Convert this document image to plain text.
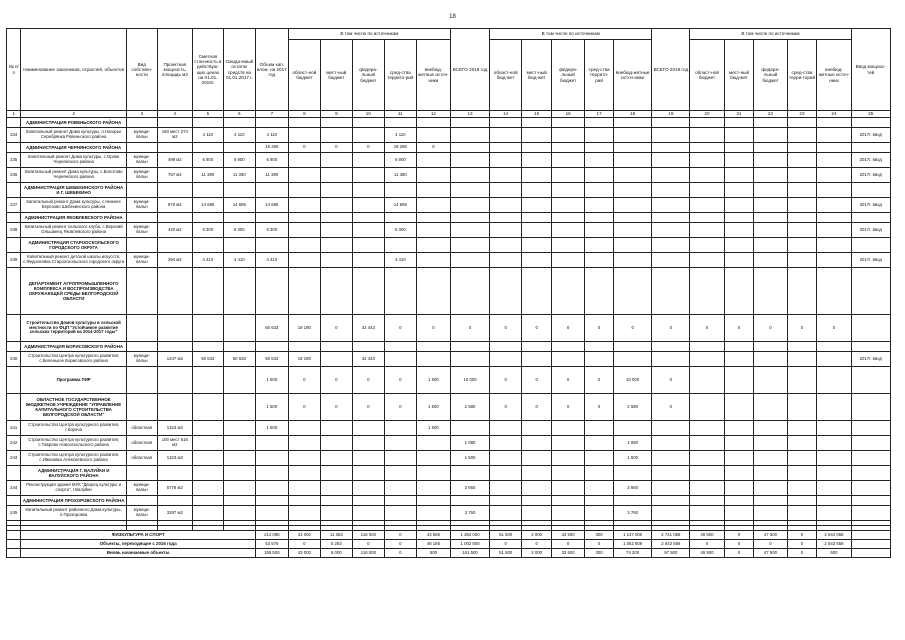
18
№ п/п	Наименование заказчиков, отраслей, объектов	Вид собствен-ности	Проектная мощность, площадь м2	Сметная стои-мость в действую-щих ценах на 01.01. 2016г.	Ожида-емый остаток средств на 01.01.2017 г.	Объем кап. влож. на 2017 год	В том числе по источникам					ВСЕГО 2018 год	В том числе по источникам					ВСЕГО 2019 год	В том числе по источникам					Ввод мощнос-тей
							област-ной бюджет	мест-ный бюджет	федера-льный бюджет	сред-ства террито-рий	внебюд-жетные источ-ники		област-ной бюд-жет	мест-ный бюд-жет	федера-льный бюджет	сред-ства террито-рий	внебюд-жетные источ-ники		област-ной бюджет	мест-ный бюд-жет	федера-льный бюджет	сред-ства терри-торий	внебюд-жетные источ-ники	
1	2	3	4	5	6	7	8	9	10	11	12	13	14	15	16	17	18	19	20	21	22	23	24	25
	АДМИНИСТРАЦИЯ РОВЕНЬСКОГО РАЙОНА																							
234	Капитальный ремонт Дома культуры, п.Нагорье Серебрянка Ровеньского района	муници-пальн	150 мест 274 м2	4 110	4 110	4 110				4 110														2017г. ввод
	АДМИНИСТРАЦИЯ ЧЕРНЯНСКОГО РАЙОНА					18 280	0	0	0	18 280	0													
235	Капитальный ремонт Дома культуры, с.Орлик Чернянского района	муници-пальн	499 м2	6 900	6 900	6 900				6 900														2017г. ввод
236	Капитальный ремонт Дома культуры, с.Волотово Чернянского района	муници-пальн	757 м2	11 380	11 380	11 380				11 380														2017г. ввод
	АДМИНИСТРАЦИЯ ШЕБЕКИНСКОГО РАЙОНА И Г. ШЕБЕКИНО																							
237	Капитальный ремонт Дома культуры, с.Нижнее Березово Шебекинского района	муници-пальн	870 м2	14 685	14 685	14 685				14 685														2017г. ввод
	АДМИНИСТРАЦИЯ ЯКОВЛЕВСКОГО РАЙОНА																							
238	Капитальный ремонт сельского клуба, с.Верхний Ольшанец Яковлевского района	муници-пальн	420 м2	6 300	6 300	6 300				6 300														2017г. ввод
	АДМИНИСТРАЦИЯ СТАРООСКОЛЬСКОГО ГОРОДСКОГО ОКРУГА																							
239	Капитальный ремонт детской школы искусств, с.Федосеевка Старооскольского городского округа	муници-пальн	294 м2	4 410	4 410	4 410				4 410														2017г. ввод
	ДЕПАРТАМЕНТ АГРОПРОМЫШЛЕННОГО КОМПЛЕКСА И ВОСПРОИЗВОДСТВА ОКРУЖАЮЩЕЙ СРЕДЫ БЕЛГОРОДСКОЙ ОБЛАСТИ																							
	Строительство Домов культуры в сельской местности по ФЦП "Устойчивое развитие сельских территорий на 2014-2017 годы"					60 633	18 190	0	42 443	0	0	0	0	0	0	0	0	0	0	0	0	0	0	
	АДМИНИСТРАЦИЯ БОРИСОВСКОГО РАЙОНА																							
240	Строительство Центра культурного развития, с.Беленькое Борисовского района	муници-пальн	1247 м2	60 633	60 633	60 633	18 190		42 443															2017г. ввод
	Программа ПИР					1 500	0	0	0	0	1 500	10 000	0	0	0	0	10 000	0						
	ОБЛАСТНОЕ ГОСУДАРСТВЕННОЕ БЮДЖЕТНОЕ УЧРЕЖДЕНИЕ "УПРАВЛЕНИЕ КАПИТАЛЬНОГО СТРОИТЕЛЬСТВА БЕЛГОРОДСКОЙ ОБЛАСТИ"					1 500	0	0	0	0	1 500	2 580	0	0	0	0	2 580	0						
241	Строительство Центра культурного развития, г.Короча	областная	1323 м2			1 500					1 500													
242	Строительство Центра культурного развития, с.Таврово Новооскольского района	областная	100 мест 616 м2									1 080					1 080							
243	Строительство Центра культурного развития, с.Ивановка Алексеевского района	областная	1323 м2									1 500					1 500							
	АДМИНИСТРАЦИЯ Г. ВАЛУЙКИ И ВАЛУЙСКОГО РАЙОНА																							
244	Реконструкция здания МУК "Дворец культуры и спорта", г.Валуйки	муници-пальн	5778 м2									3 660					3 660							
	АДМИНИСТРАЦИЯ ПРОХОРОВСКОГО РАЙОНА																							
245	Капитальный ремонт районного Дома культуры, п.Прохоровка	муници-пальн	3287 м2									3 760					3 760							

	ФИЗКУЛЬТУРА И СПОРТ					214 086	43 000	11 353	116 000	0	43 685	1 364 000	51 500	2 000	33 500	300	1 137 000	2 741 058	49 500	0	47 500	0	2 644 058	
	Объекты, переходящие с 2016 года					53 576	0	5 283	0	0	48 185	1 002 800	0	0	0	0	1 062 809	2 643 558	0	0	0	0	2 643 558	
	Вновь начинаемые объекты					155 500	43 000	6 000	116 000	0	500	161 500	51 500	2 000	33 500	300	74 200	97 500	49 500	0	47 500	0	500	
